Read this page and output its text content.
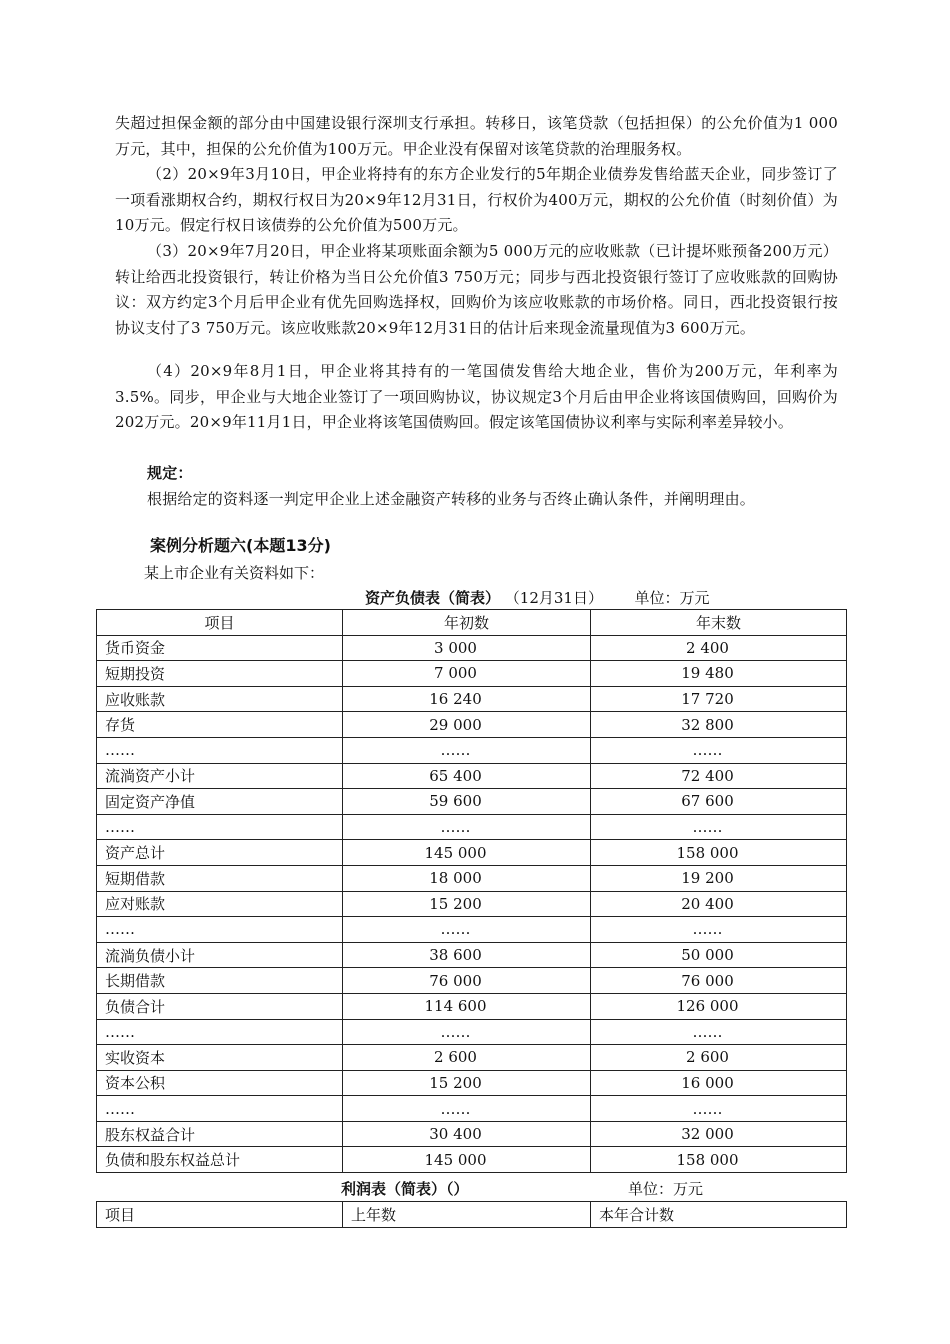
失超过担保金额的部分由中国建设银行深圳支行承担。转移日，该笔贷款（包括担保）的公允价值为1 000万元，其中，担保的公允价值为100万元。甲企业没有保留对该笔贷款的治理服务权。

（2）20×9年3月10日，甲企业将持有的东方企业发行的5年期企业债券发售给蓝天企业，同步签订了一项看涨期权合约，期权行权日为20×9年12月31日，行权价为400万元，期权的公允价值（时刻价值）为10万元。假定行权日该债券的公允价值为500万元。

（3）20×9年7月20日，甲企业将某项账面余额为5 000万元的应收账款（已计提坏账预备200万元）转让给西北投资银行，转让价格为当日公允价值3 750万元；同步与西北投资银行签订了应收账款的回购协议：双方约定3个月后甲企业有优先回购选择权，回购价为该应收账款的市场价格。同日，西北投资银行按协议支付了3 750万元。该应收账款20×9年12月31日的估计后来现金流量现值为3 600万元。

（4）20×9年8月1日，甲企业将其持有的一笔国债发售给大地企业，售价为200万元，年利率为3.5%。同步，甲企业与大地企业签订了一项回购协议，协议规定3个月后由甲企业将该国债购回，回购价为202万元。20×9年11月1日，甲企业将该笔国债购回。假定该笔国债协议利率与实际利率差异较小。

规定：

根据给定的资料逐一判定甲企业上述金融资产转移的业务与否终止确认条件，并阐明理由。

案例分析题六(本题13分)

某上市企业有关资料如下：

资产负债表（简表） （12月31日） 单位：万元
项目	年初数	年末数
货币资金	3 000	2 400
短期投资	7 000	19 480
应收账款	16 240	17 720
存货	29 000	32 800
……	……	……
流淌资产小计	65 400	72 400
固定资产净值	59 600	67 600
……	……	……
资产总计	145 000	158 000
短期借款	18 000	19 200
应对账款	15 200	20 400
……	……	……
流淌负债小计	38 600	50 000
长期借款	76 000	76 000
负债合计	114 600	126 000
……	……	……
实收资本	2 600	2 600
资本公积	15 200	16 000
……	……	……
股东权益合计	30 400	32 000
负债和股东权益总计	145 000	158 000
利润表（简表）（）	单位：万元
项目	上年数	本年合计数
